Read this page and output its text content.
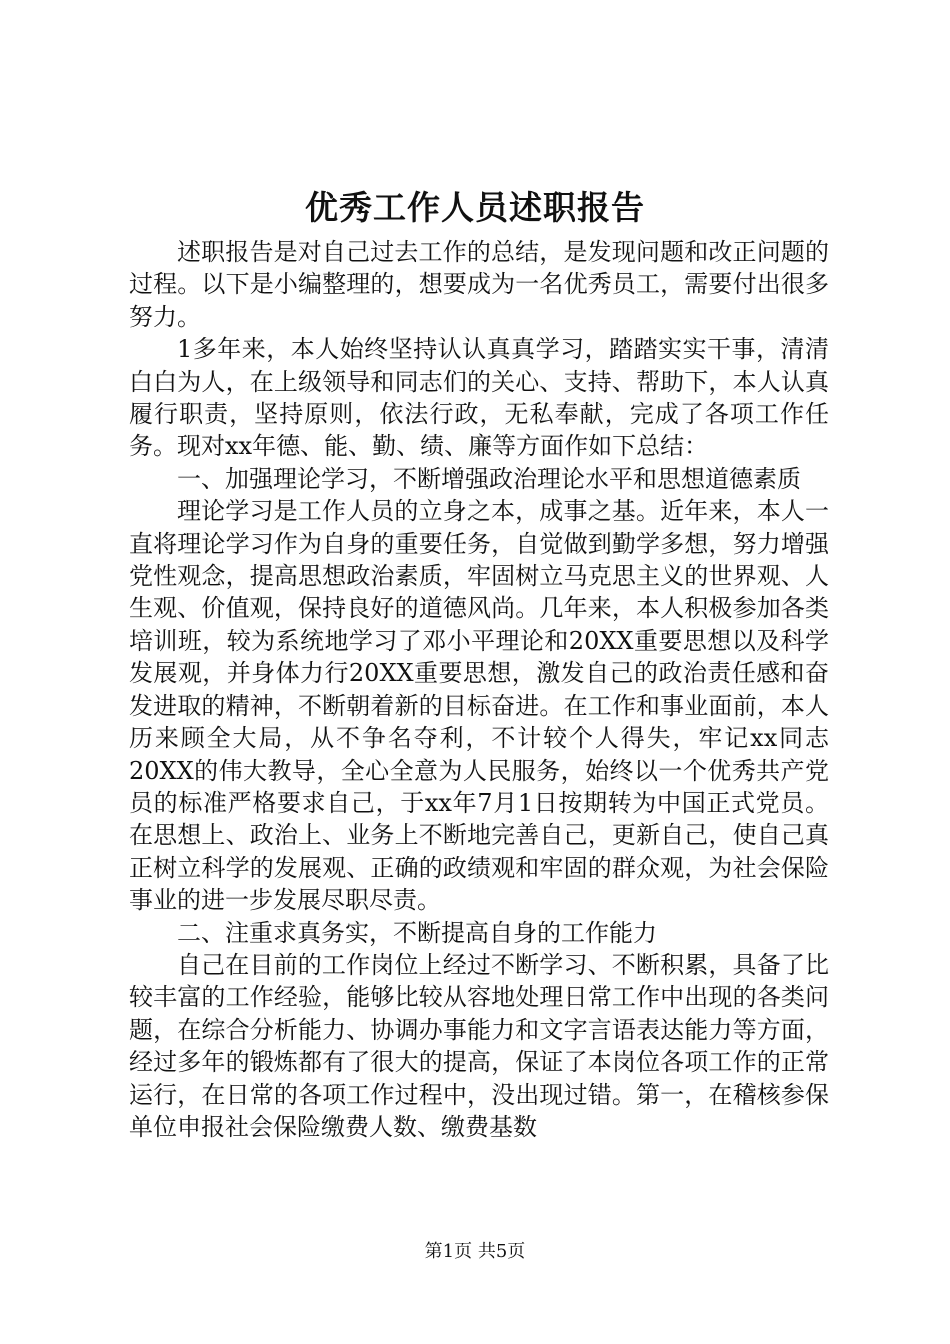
优秀工作人员述职报告

述职报告是对自己过去工作的总结，是发现问题和改正问题的过程。以下是小编整理的，想要成为一名优秀员工，需要付出很多努力。

1多年来，本人始终坚持认认真真学习，踏踏实实干事，清清白白为人，在上级领导和同志们的关心、支持、帮助下，本人认真履行职责，坚持原则，依法行政，无私奉献，完成了各项工作任务。现对xx年德、能、勤、绩、廉等方面作如下总结：

一、加强理论学习，不断增强政治理论水平和思想道德素质

理论学习是工作人员的立身之本，成事之基。近年来，本人一直将理论学习作为自身的重要任务，自觉做到勤学多想，努力增强党性观念，提高思想政治素质，牢固树立马克思主义的世界观、人生观、价值观，保持良好的道德风尚。几年来，本人积极参加各类培训班，较为系统地学习了邓小平理论和20XX重要思想以及科学发展观，并身体力行20XX重要思想，激发自己的政治责任感和奋发进取的精神，不断朝着新的目标奋进。在工作和事业面前，本人历来顾全大局，从不争名夺利，不计较个人得失，牢记xx同志20XX的伟大教导，全心全意为人民服务，始终以一个优秀共产党员的标准严格要求自己，于xx年7月1日按期转为中国正式党员。在思想上、政治上、业务上不断地完善自己，更新自己，使自己真正树立科学的发展观、正确的政绩观和牢固的群众观，为社会保险事业的进一步发展尽职尽责。

二、注重求真务实，不断提高自身的工作能力

自己在目前的工作岗位上经过不断学习、不断积累，具备了比较丰富的工作经验，能够比较从容地处理日常工作中出现的各类问题，在综合分析能力、协调办事能力和文字言语表达能力等方面，经过多年的锻炼都有了很大的提高，保证了本岗位各项工作的正常运行，在日常的各项工作过程中，没出现过错。第一，在稽核参保单位申报社会保险缴费人数、缴费基数

第1页 共5页
